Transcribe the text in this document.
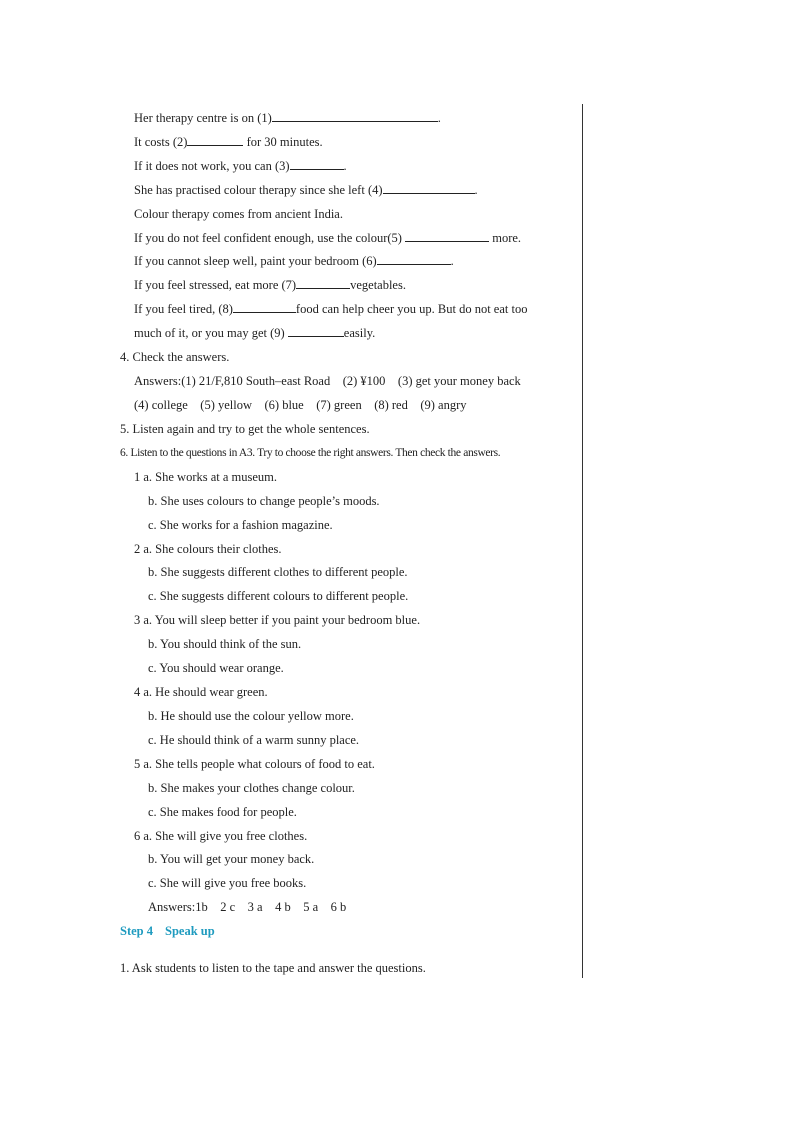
Her therapy centre is on (1)	.
It costs (2)	for 30 minutes.
If it does not work, you can (3)	.
She has practised colour therapy since she left (4)	.
Colour therapy comes from ancient India.
If you do not feel confident enough, use the colour(5)	more.
If you cannot sleep well, paint your bedroom (6)	.
If you feel stressed, eat more (7)	vegetables.
If you feel tired, (8)	food can help cheer you up. But do not eat too
much of it, or you may get (9)	easily.
4. Check the answers.
Answers:(1) 21/F,810 South–east Road    (2) ¥100    (3) get your money back
(4) college    (5) yellow    (6) blue    (7) green    (8) red    (9) angry
5. Listen again and try to get the whole sentences.
6. Listen to the questions in A3. Try to choose the right answers. Then check the answers.
1 a. She works at a museum.
b. She uses colours to change people’s moods.
c. She works for a fashion magazine.
2 a. She colours their clothes.
b. She suggests different clothes to different people.
c. She suggests different colours to different people.
3 a. You will sleep better if you paint your bedroom blue.
b. You should think of the sun.
c. You should wear orange.
4 a. He should wear green.
b. He should use the colour yellow more.
c. He should think of a warm sunny place.
5 a. She tells people what colours of food to eat.
b. She makes your clothes change colour.
c. She makes food for people.
6 a. She will give you free clothes.
b. You will get your money back.
c. She will give you free books.
Answers:1b    2 c    3 a    4 b    5 a    6 b
Step 4 Speak up
1. Ask students to listen to the tape and answer the questions.
